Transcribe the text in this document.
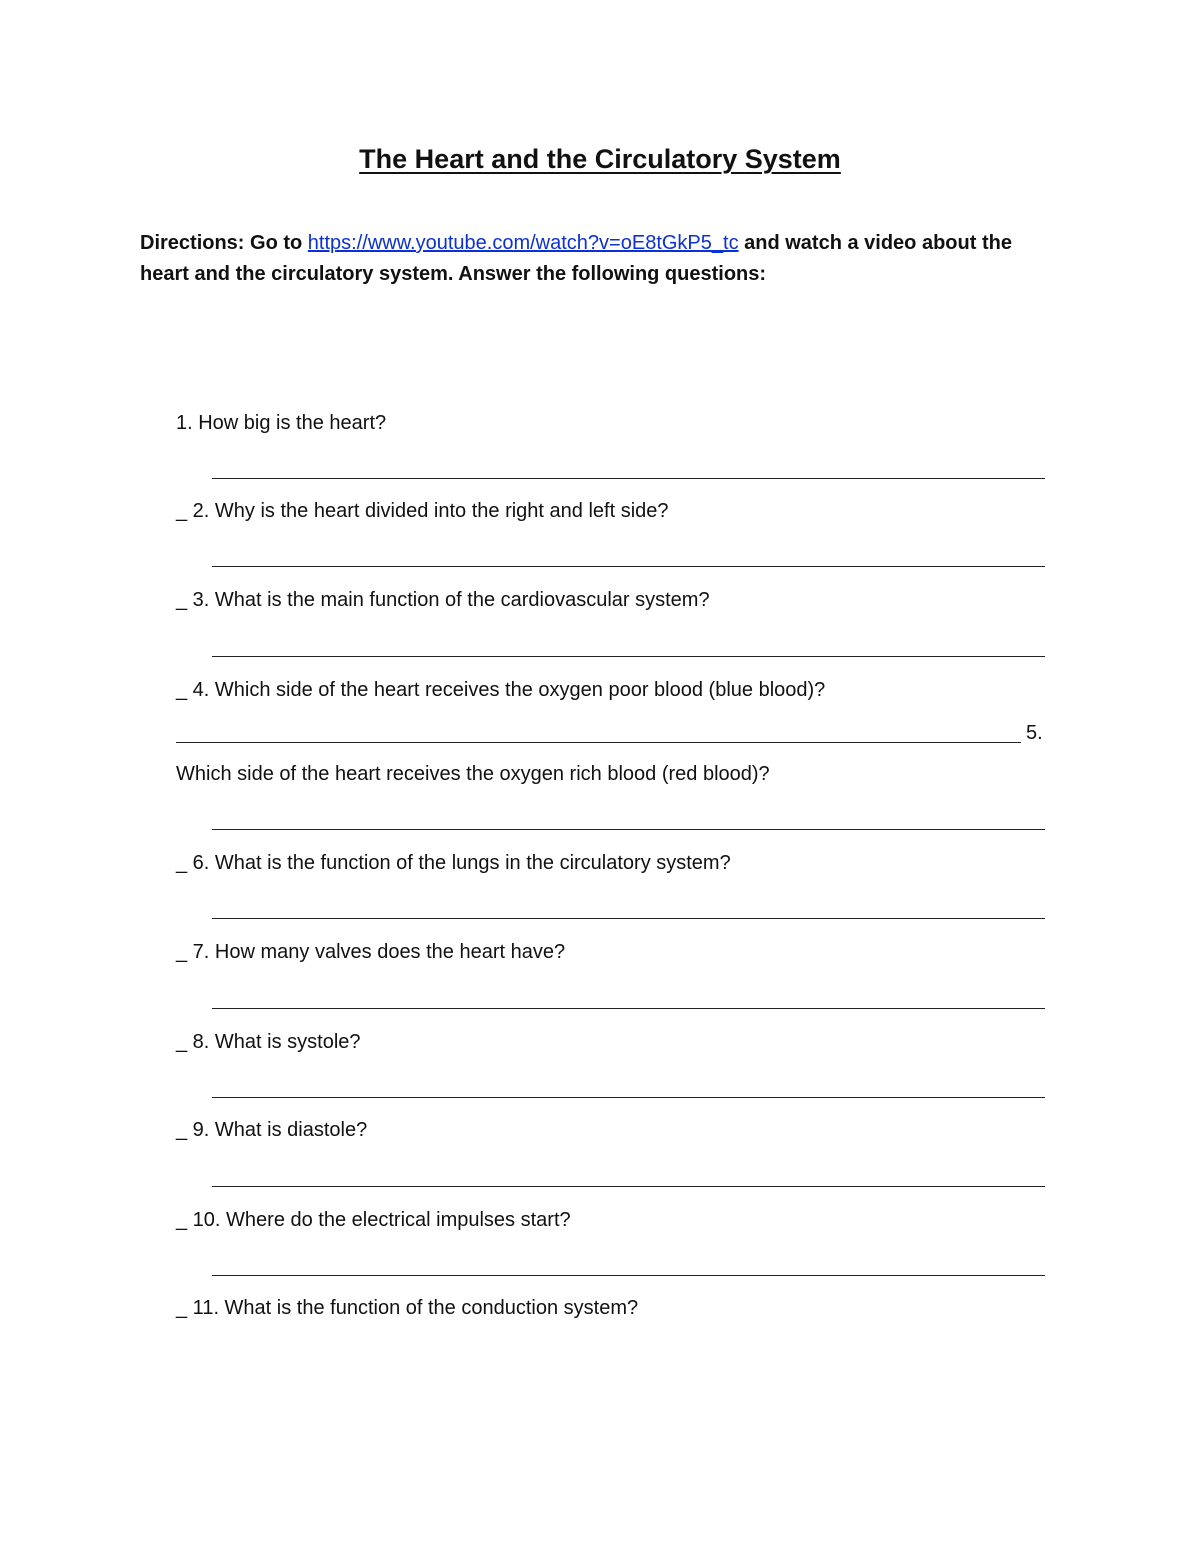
The Heart and the Circulatory System

Directions: Go to https://www.youtube.com/watch?v=oE8tGkP5_tc and watch a video about the heart and the circulatory system. Answer the following questions:

1. How big is the heart?
_ 2. Why is the heart divided into the right and left side?
_ 3. What is the main function of the cardiovascular system?
_ 4. Which side of the heart receives the oxygen poor blood (blue blood)?
5.
Which side of the heart receives the oxygen rich blood (red blood)?
_ 6. What is the function of the lungs in the circulatory system?
_ 7. How many valves does the heart have?
_ 8. What is systole?
_ 9. What is diastole?
_ 10. Where do the electrical impulses start?
_ 11. What is the function of the conduction system?
